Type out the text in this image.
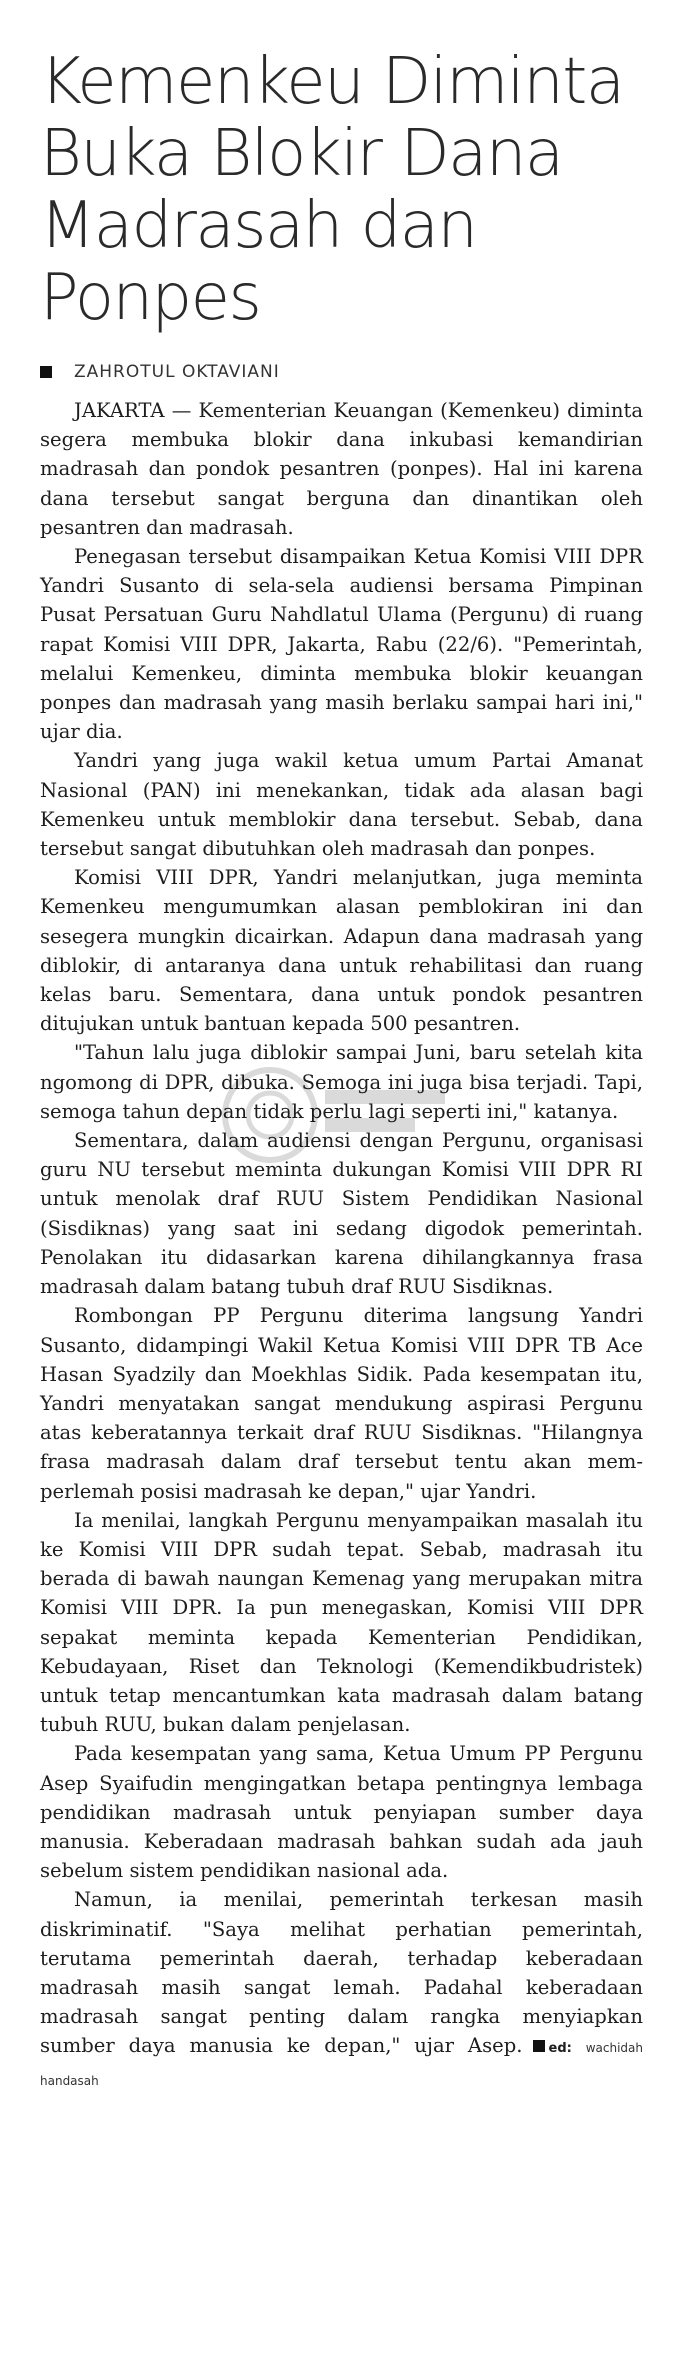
Kemenkeu Diminta
Buka Blokir Dana
Madrasah dan
Ponpes
ZAHROTUL OKTAVIANI

JAKARTA — Kementerian Keuangan (Kemenkeu) diminta segera membuka blokir dana inkubasi kemandirian madrasah dan pondok pesantren (ponpes). Hal ini karena dana tersebut sangat berguna dan dinantikan oleh pesantren dan madrasah.

Penegasan tersebut disampaikan Ketua Komisi VIII DPR Yandri Susanto di sela-sela audiensi bersama Pimpinan Pusat Persatuan Guru Nahdlatul Ulama (Pergunu) di ruang rapat Komisi VIII DPR, Jakarta, Rabu (22/6). "Pemerintah, melalui Kemenkeu, diminta membuka blokir keuangan ponpes dan madrasah yang masih berlaku sampai hari ini," ujar dia.

Yandri yang juga wakil ketua umum Partai Amanat Nasional (PAN) ini menekankan, tidak ada alasan bagi Kemenkeu untuk memblokir dana tersebut. Sebab, dana tersebut sangat dibutuhkan oleh madrasah dan ponpes.

Komisi VIII DPR, Yandri melanjutkan, juga meminta Kemenkeu mengumumkan alasan pemblokiran ini dan sesegera mungkin dicairkan. Adapun dana madrasah yang diblokir, di antaranya dana untuk rehabilitasi dan ruang kelas baru. Sementara, dana untuk pondok pesantren ditujukan untuk bantuan kepada 500 pesantren.

"Tahun lalu juga diblokir sampai Juni, baru setelah kita ngomong di DPR, dibuka. Semoga ini juga bisa terjadi. Tapi, semoga tahun depan tidak perlu lagi seperti ini," katanya.

Sementara, dalam audiensi dengan Pergunu, organisasi guru NU tersebut meminta dukungan Komisi VIII DPR RI untuk menolak draf RUU Sistem Pendidikan Nasional (Sisdiknas) yang saat ini sedang digodok pemerintah. Penolakan itu didasarkan karena dihilangkannya frasa madrasah dalam batang tubuh draf RUU Sisdiknas.

Rombongan PP Pergunu diterima langsung Yandri Susanto, didampingi Wakil Ketua Komisi VIII DPR TB Ace Hasan Syadzily dan Moekhlas Sidik. Pada kesempatan itu, Yandri menyatakan sangat mendukung aspirasi Pergunu atas keberatannya terkait draf RUU Sisdiknas. "Hilangnya frasa madrasah dalam draf tersebut tentu akan memperlemah posisi madrasah ke depan," ujar Yandri.

Ia menilai, langkah Pergunu menyampaikan masalah itu ke Komisi VIII DPR sudah tepat. Sebab, madrasah itu berada di bawah naungan Kemenag yang merupakan mitra Komisi VIII DPR. Ia pun menegaskan, Komisi VIII DPR sepakat meminta kepada Kementerian Pendidikan, Kebudayaan, Riset dan Teknologi (Kemendikbudristek) untuk tetap mencantumkan kata madrasah dalam batang tubuh RUU, bukan dalam penjelasan.

Pada kesempatan yang sama, Ketua Umum PP Pergunu Asep Syaifudin mengingatkan betapa pentingnya lembaga pendidikan madrasah untuk penyiapan sumber daya manusia. Keberadaan madrasah bahkan sudah ada jauh sebelum sistem pendidikan nasional ada.

Namun, ia menilai, pemerintah terkesan masih diskriminatif. "Saya melihat perhatian pemerintah, terutama pemerintah daerah, terhadap keberadaan madrasah masih sangat lemah. Padahal keberadaan madrasah sangat penting dalam rangka menyiapkan sumber daya manusia ke depan," ujar Asep. ed: wachidah handasah
